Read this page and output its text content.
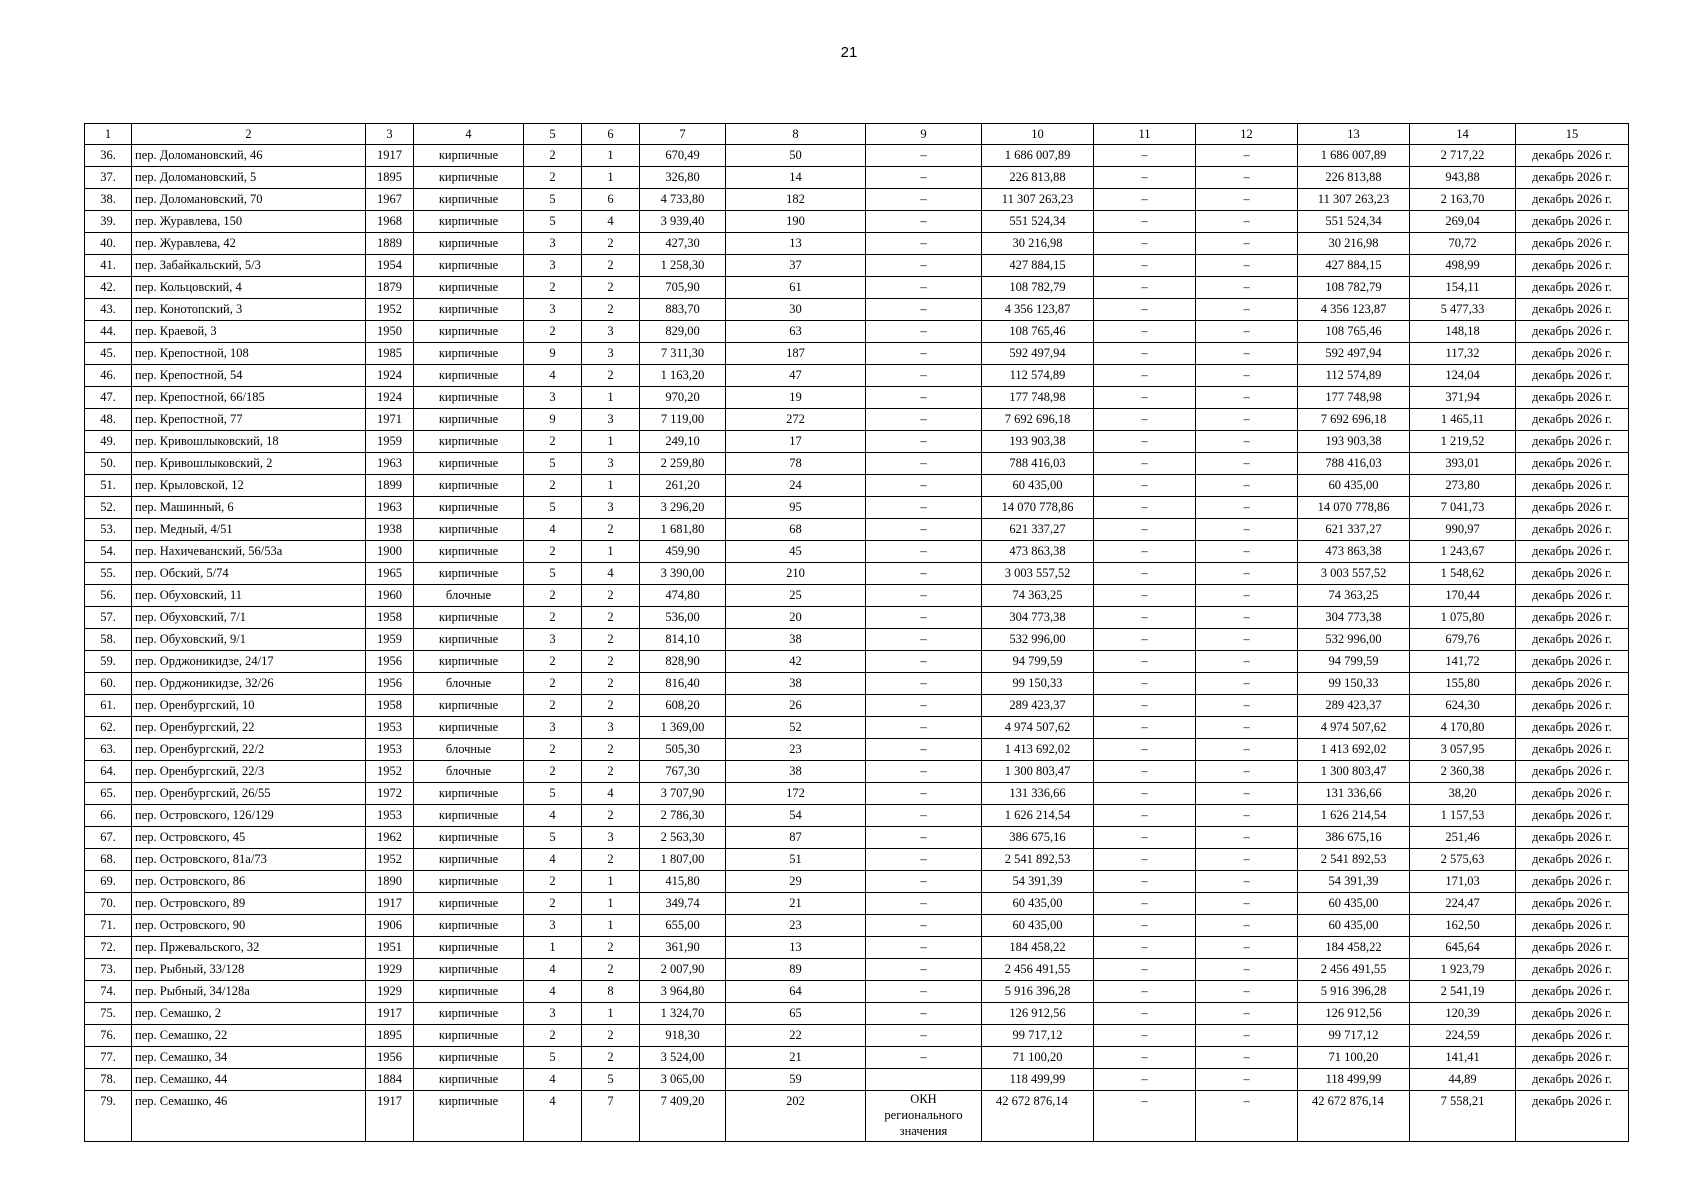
21
1	2	3	4	5	6	7	8	9	10	11	12	13	14	15
36.	пер. Доломановский, 46	1917	кирпичные	2	1	670,49	50	–	1 686 007,89	–	–	1 686 007,89	2 717,22	декабрь 2026 г.
37.	пер. Доломановский, 5	1895	кирпичные	2	1	326,80	14	–	226 813,88	–	–	226 813,88	943,88	декабрь 2026 г.
38.	пер. Доломановский, 70	1967	кирпичные	5	6	4 733,80	182	–	11 307 263,23	–	–	11 307 263,23	2 163,70	декабрь 2026 г.
39.	пер. Журавлева, 150	1968	кирпичные	5	4	3 939,40	190	–	551 524,34	–	–	551 524,34	269,04	декабрь 2026 г.
40.	пер. Журавлева, 42	1889	кирпичные	3	2	427,30	13	–	30 216,98	–	–	30 216,98	70,72	декабрь 2026 г.
41.	пер. Забайкальский, 5/3	1954	кирпичные	3	2	1 258,30	37	–	427 884,15	–	–	427 884,15	498,99	декабрь 2026 г.
42.	пер. Кольцовский, 4	1879	кирпичные	2	2	705,90	61	–	108 782,79	–	–	108 782,79	154,11	декабрь 2026 г.
43.	пер. Конотопский, 3	1952	кирпичные	3	2	883,70	30	–	4 356 123,87	–	–	4 356 123,87	5 477,33	декабрь 2026 г.
44.	пер. Краевой, 3	1950	кирпичные	2	3	829,00	63	–	108 765,46	–	–	108 765,46	148,18	декабрь 2026 г.
45.	пер. Крепостной, 108	1985	кирпичные	9	3	7 311,30	187	–	592 497,94	–	–	592 497,94	117,32	декабрь 2026 г.
46.	пер. Крепостной, 54	1924	кирпичные	4	2	1 163,20	47	–	112 574,89	–	–	112 574,89	124,04	декабрь 2026 г.
47.	пер. Крепостной, 66/185	1924	кирпичные	3	1	970,20	19	–	177 748,98	–	–	177 748,98	371,94	декабрь 2026 г.
48.	пер. Крепостной, 77	1971	кирпичные	9	3	7 119,00	272	–	7 692 696,18	–	–	7 692 696,18	1 465,11	декабрь 2026 г.
49.	пер. Кривошлыковский, 18	1959	кирпичные	2	1	249,10	17	–	193 903,38	–	–	193 903,38	1 219,52	декабрь 2026 г.
50.	пер. Кривошлыковский, 2	1963	кирпичные	5	3	2 259,80	78	–	788 416,03	–	–	788 416,03	393,01	декабрь 2026 г.
51.	пер. Крыловской, 12	1899	кирпичные	2	1	261,20	24	–	60 435,00	–	–	60 435,00	273,80	декабрь 2026 г.
52.	пер. Машинный, 6	1963	кирпичные	5	3	3 296,20	95	–	14 070 778,86	–	–	14 070 778,86	7 041,73	декабрь 2026 г.
53.	пер. Медный, 4/51	1938	кирпичные	4	2	1 681,80	68	–	621 337,27	–	–	621 337,27	990,97	декабрь 2026 г.
54.	пер. Нахичеванский, 56/53а	1900	кирпичные	2	1	459,90	45	–	473 863,38	–	–	473 863,38	1 243,67	декабрь 2026 г.
55.	пер. Обский, 5/74	1965	кирпичные	5	4	3 390,00	210	–	3 003 557,52	–	–	3 003 557,52	1 548,62	декабрь 2026 г.
56.	пер. Обуховский, 11	1960	блочные	2	2	474,80	25	–	74 363,25	–	–	74 363,25	170,44	декабрь 2026 г.
57.	пер. Обуховский, 7/1	1958	кирпичные	2	2	536,00	20	–	304 773,38	–	–	304 773,38	1 075,80	декабрь 2026 г.
58.	пер. Обуховский, 9/1	1959	кирпичные	3	2	814,10	38	–	532 996,00	–	–	532 996,00	679,76	декабрь 2026 г.
59.	пер. Орджоникидзе, 24/17	1956	кирпичные	2	2	828,90	42	–	94 799,59	–	–	94 799,59	141,72	декабрь 2026 г.
60.	пер. Орджоникидзе, 32/26	1956	блочные	2	2	816,40	38	–	99 150,33	–	–	99 150,33	155,80	декабрь 2026 г.
61.	пер. Оренбургский, 10	1958	кирпичные	2	2	608,20	26	–	289 423,37	–	–	289 423,37	624,30	декабрь 2026 г.
62.	пер. Оренбургский, 22	1953	кирпичные	3	3	1 369,00	52	–	4 974 507,62	–	–	4 974 507,62	4 170,80	декабрь 2026 г.
63.	пер. Оренбургский, 22/2	1953	блочные	2	2	505,30	23	–	1 413 692,02	–	–	1 413 692,02	3 057,95	декабрь 2026 г.
64.	пер. Оренбургский, 22/3	1952	блочные	2	2	767,30	38	–	1 300 803,47	–	–	1 300 803,47	2 360,38	декабрь 2026 г.
65.	пер. Оренбургский, 26/55	1972	кирпичные	5	4	3 707,90	172	–	131 336,66	–	–	131 336,66	38,20	декабрь 2026 г.
66.	пер. Островского, 126/129	1953	кирпичные	4	2	2 786,30	54	–	1 626 214,54	–	–	1 626 214,54	1 157,53	декабрь 2026 г.
67.	пер. Островского, 45	1962	кирпичные	5	3	2 563,30	87	–	386 675,16	–	–	386 675,16	251,46	декабрь 2026 г.
68.	пер. Островского, 81а/73	1952	кирпичные	4	2	1 807,00	51	–	2 541 892,53	–	–	2 541 892,53	2 575,63	декабрь 2026 г.
69.	пер. Островского, 86	1890	кирпичные	2	1	415,80	29	–	54 391,39	–	–	54 391,39	171,03	декабрь 2026 г.
70.	пер. Островского, 89	1917	кирпичные	2	1	349,74	21	–	60 435,00	–	–	60 435,00	224,47	декабрь 2026 г.
71.	пер. Островского, 90	1906	кирпичные	3	1	655,00	23	–	60 435,00	–	–	60 435,00	162,50	декабрь 2026 г.
72.	пер. Пржевальского, 32	1951	кирпичные	1	2	361,90	13	–	184 458,22	–	–	184 458,22	645,64	декабрь 2026 г.
73.	пер. Рыбный, 33/128	1929	кирпичные	4	2	2 007,90	89	–	2 456 491,55	–	–	2 456 491,55	1 923,79	декабрь 2026 г.
74.	пер. Рыбный, 34/128а	1929	кирпичные	4	8	3 964,80	64	–	5 916 396,28	–	–	5 916 396,28	2 541,19	декабрь 2026 г.
75.	пер. Семашко, 2	1917	кирпичные	3	1	1 324,70	65	–	126 912,56	–	–	126 912,56	120,39	декабрь 2026 г.
76.	пер. Семашко, 22	1895	кирпичные	2	2	918,30	22	–	99 717,12	–	–	99 717,12	224,59	декабрь 2026 г.
77.	пер. Семашко, 34	1956	кирпичные	5	2	3 524,00	21	–	71 100,20	–	–	71 100,20	141,41	декабрь 2026 г.
78.	пер. Семашко, 44	1884	кирпичные	4	5	3 065,00	59		118 499,99	–	–	118 499,99	44,89	декабрь 2026 г.
79.	пер. Семашко, 46	1917	кирпичные	4	7	7 409,20	202	ОКН регионального значения	42 672 876,14	–	–	42 672 876,14	7 558,21	декабрь 2026 г.
